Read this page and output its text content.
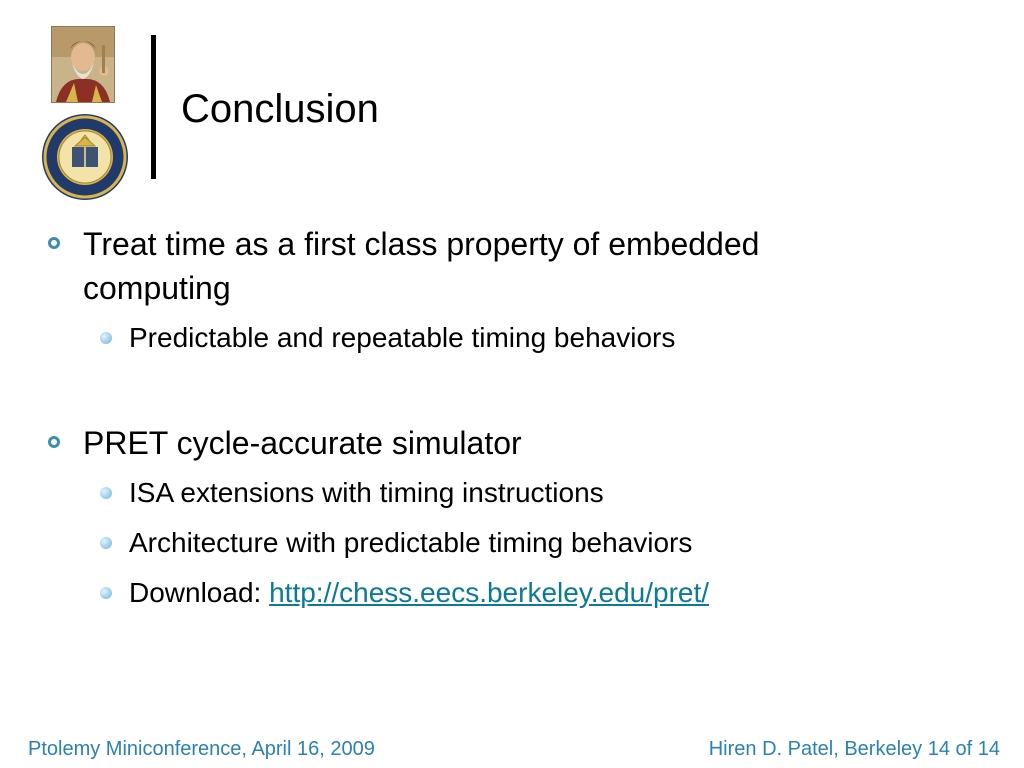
Conclusion
Treat time as a first class property of embedded
computing
Predictable and repeatable timing behaviors
PRET cycle-accurate simulator
ISA extensions with timing instructions
Architecture with predictable timing behaviors
Download: http://chess.eecs.berkeley.edu/pret/
Ptolemy Miniconference, April 16, 2009	Hiren D. Patel, Berkeley 14 of 14
